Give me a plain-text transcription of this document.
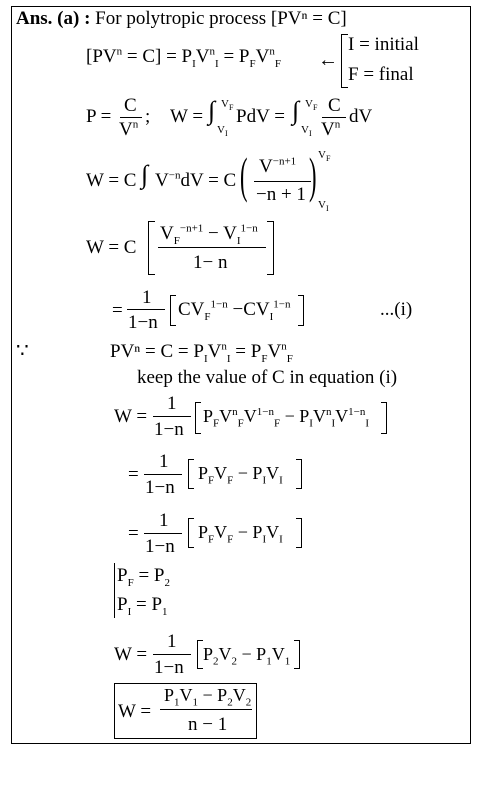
Ans. (a) : For polytropic process [PVⁿ = C]
$[PV^n = C] = P_IV^n_I = P_FV^n_F$ ←
I = initial
F = final
P =
C
$V^n$ ; W = ∫ $V_F$
$V_I$
PdV = ∫ $V_F$
$V_I$
C
$V^n$ dV
W = C ∫ $V^{-n}dV = C$ ( $V^{-n+1}$
−n + 1 ) $V_F$
$V_I$
W = C
$V_F^{-n+1} - V_I^{1-n}$
1− n
=
1
1−n
$CV_F^{1-n} -CV_I^{1-n}$	...(i)
∵	$PV^n = C = P_IV^n_I = P_FV^n_F$
keep the value of C in equation (i)
W =
1
1−n
$P_FV^n_FV^{1-n}_F - P_IV^n_IV^{1-n}_I$
=
1
1−n
$P_FV_F - P_IV_I$
=
1
1−n
$P_FV_F - P_IV_I$
$P_F = P_2$
$P_I = P_1$
W =
1
1−n
$P_2V_2 - P_1V_1$
W =
$P_1V_1 - P_2V_2$
n − 1
